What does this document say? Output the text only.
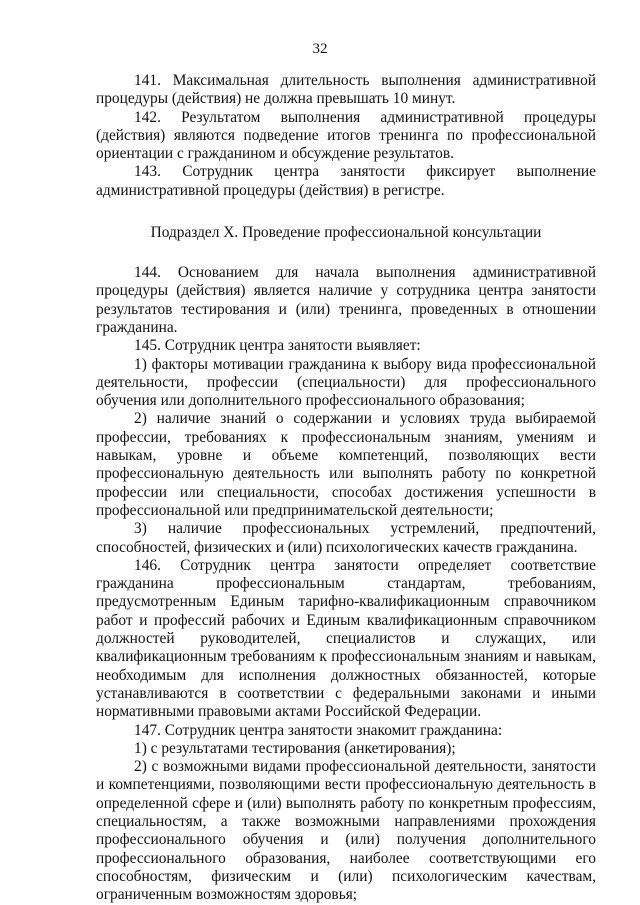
32

141. Максимальная длительность выполнения административной процедуры (действия) не должна превышать 10 минут.

142. Результатом выполнения административной процедуры (действия) являются подведение итогов тренинга по профессиональной ориентации с гражданином и обсуждение результатов.

143. Сотрудник центра занятости фиксирует выполнение административной процедуры (действия) в регистре.

Подраздел X. Проведение профессиональной консультации

144. Основанием для начала выполнения административной процедуры (действия) является наличие у сотрудника центра занятости результатов тестирования и (или) тренинга, проведенных в отношении гражданина.

145. Сотрудник центра занятости выявляет:

1) факторы мотивации гражданина к выбору вида профессиональной деятельности, профессии (специальности) для профессионального обучения или дополнительного профессионального образования;

2) наличие знаний о содержании и условиях труда выбираемой профессии, требованиях к профессиональным знаниям, умениям и навыкам, уровне и объеме компетенций, позволяющих вести профессиональную деятельность или выполнять работу по конкретной профессии или специальности, способах достижения успешности в профессиональной или предпринимательской деятельности;

3) наличие профессиональных устремлений, предпочтений, способностей, физических и (или) психологических качеств гражданина.

146. Сотрудник центра занятости определяет соответствие гражданина профессиональным стандартам, требованиям, предусмотренным Единым тарифно-квалификационным справочником работ и профессий рабочих и Единым квалификационным справочником должностей руководителей, специалистов и служащих, или квалификационным требованиям к профессиональным знаниям и навыкам, необходимым для исполнения должностных обязанностей, которые устанавливаются в соответствии с федеральными законами и иными нормативными правовыми актами Российской Федерации.

147. Сотрудник центра занятости знакомит гражданина:

1) с результатами тестирования (анкетирования);

2) с возможными видами профессиональной деятельности, занятости и компетенциями, позволяющими вести профессиональную деятельность в определенной сфере и (или) выполнять работу по конкретным профессиям, специальностям, а также возможными направлениями прохождения профессионального обучения и (или) получения дополнительного профессионального образования, наиболее соответствующими его способностям, физическим и (или) психологическим качествам, ограниченным возможностям здоровья;
